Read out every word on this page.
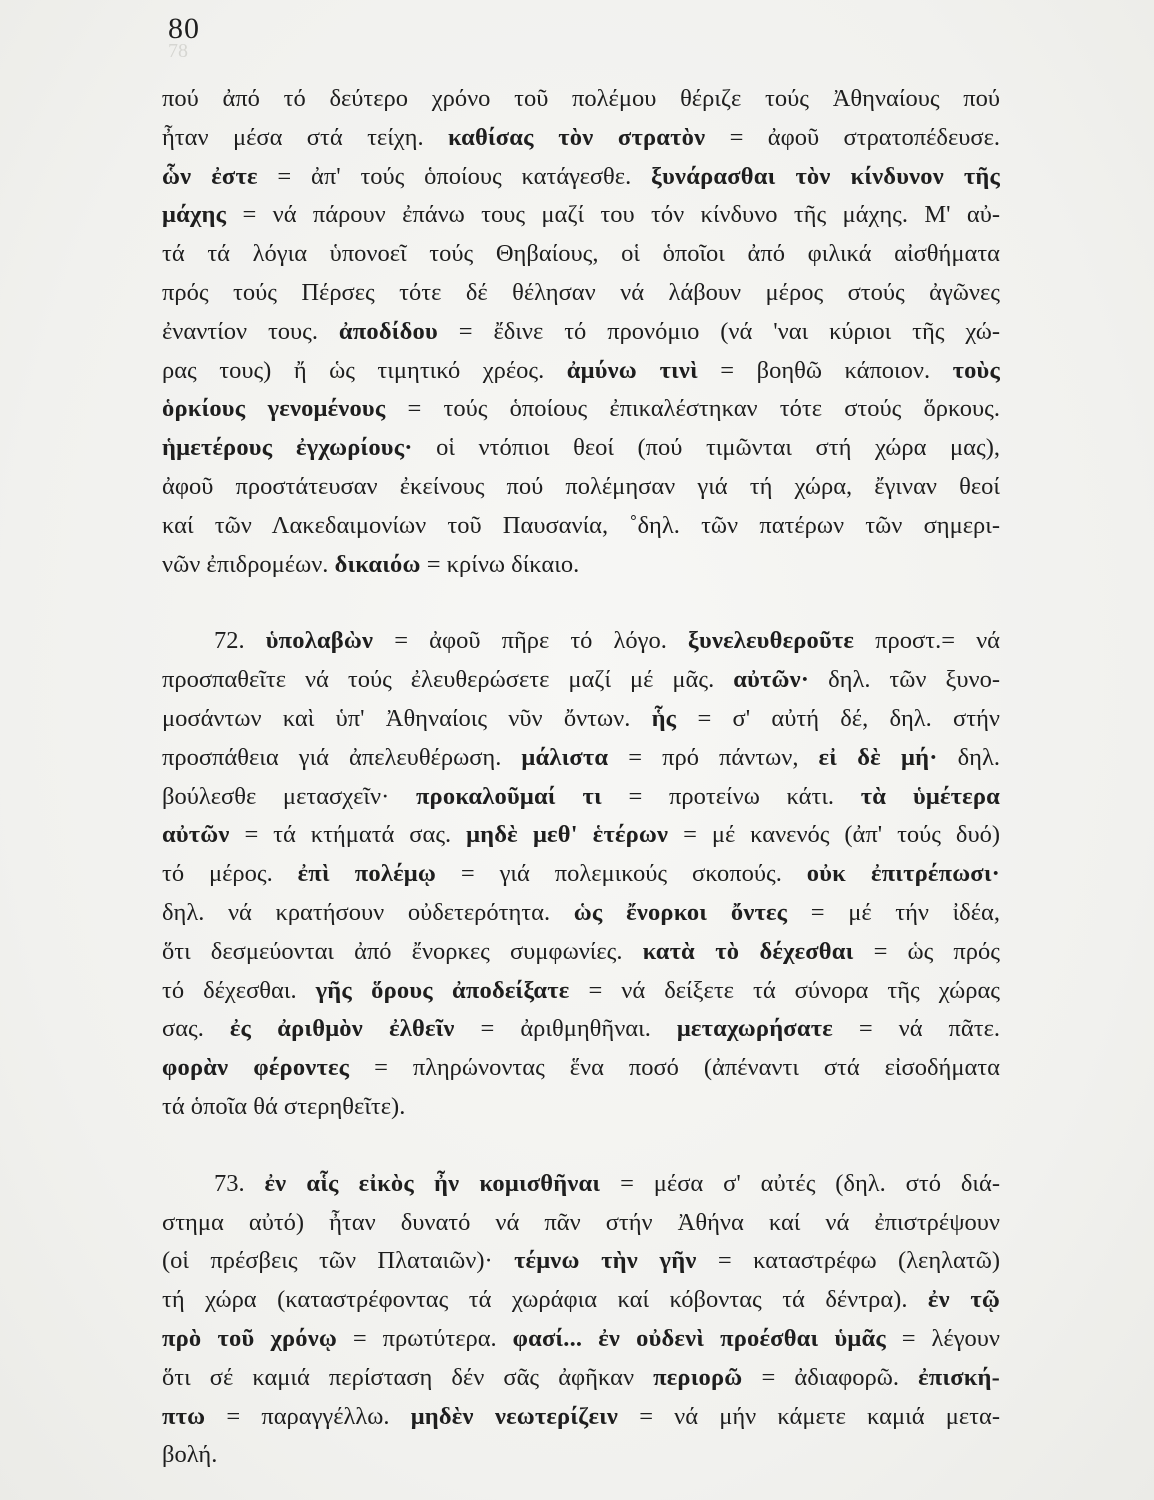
80
78
πού ἀπό τό δεύτερο χρόνο τοῦ πολέμου θέριζε τούς Ἀθηναίους πού
ἦταν μέσα στά τείχη. καθίσας τὸν στρατὸν = ἀφοῦ στρατοπέδευσε.
ὧν ἐστε = ἀπ' τούς ὁποίους κατάγεσθε. ξυνάρασθαι τὸν κίνδυνον τῆς
μάχης = νά πάρουν ἐπάνω τους μαζί του τόν κίνδυνο τῆς μάχης. Μ' αὐ-
τά τά λόγια ὑπονοεῖ τούς Θηβαίους, οἱ ὁποῖοι ἀπό φιλικά αἰσθήματα
πρός τούς Πέρσες τότε δέ θέλησαν νά λάβουν μέρος στούς ἀγῶνες
ἐναντίον τους. ἀποδίδου = ἔδινε τό προνόμιο (νά 'ναι κύριοι τῆς χώ-
ρας τους) ἤ ὡς τιμητικό χρέος. ἀμύνω τινὶ = βοηθῶ κάποιον. τοὺς
ὁρκίους γενομένους = τούς ὁποίους ἐπικαλέστηκαν τότε στούς ὅρκους.
ἡμετέρους ἐγχωρίους· οἱ ντόπιοι θεοί (πού τιμῶνται στή χώρα μας),
ἀφοῦ προστάτευσαν ἐκείνους πού πολέμησαν γιά τή χώρα, ἔγιναν θεοί
καί τῶν Λακεδαιμονίων τοῦ Παυσανία, ˚δηλ. τῶν πατέρων τῶν σημερι-
νῶν ἐπιδρομέων. δικαιόω = κρίνω δίκαιο.
72. ὑπολαβὼν = ἀφοῦ πῆρε τό λόγο. ξυνελευθεροῦτε προστ.= νά
προσπαθεῖτε νά τούς ἐλευθερώσετε μαζί μέ μᾶς. αὐτῶν· δηλ. τῶν ξυνο-
μοσάντων καὶ ὑπ' Ἀθηναίοις νῦν ὄντων. ἧς = σ' αὐτή δέ, δηλ. στήν
προσπάθεια γιά ἀπελευθέρωση. μάλιστα = πρό πάντων, εἰ δὲ μή· δηλ.
βούλεσθε μετασχεῖν· προκαλοῦμαί τι = προτείνω κάτι. τὰ ὑμέτερα
αὐτῶν = τά κτήματά σας. μηδὲ μεθ' ἑτέρων = μέ κανενός (ἀπ' τούς δυό)
τό μέρος. ἐπὶ πολέμῳ = γιά πολεμικούς σκοπούς. οὐκ ἐπιτρέπωσι·
δηλ. νά κρατήσουν οὐδετερότητα. ὡς ἔνορκοι ὄντες = μέ τήν ἰδέα,
ὅτι δεσμεύονται ἀπό ἔνορκες συμφωνίες. κατὰ τὸ δέχεσθαι = ὡς πρός
τό δέχεσθαι. γῆς ὅρους ἀποδείξατε = νά δείξετε τά σύνορα τῆς χώρας
σας. ἐς ἀριθμὸν ἐλθεῖν = ἀριθμηθῆναι. μεταχωρήσατε = νά πᾶτε.
φορὰν φέροντες = πληρώνοντας ἕνα ποσό (ἀπέναντι στά εἰσοδήματα
τά ὁποῖα θά στερηθεῖτε).
73. ἐν αἷς εἰκὸς ἦν κομισθῆναι = μέσα σ' αὐτές (δηλ. στό διά-
στημα αὐτό) ἦταν δυνατό νά πᾶν στήν Ἀθήνα καί νά ἐπιστρέψουν
(οἱ πρέσβεις τῶν Πλαταιῶν)· τέμνω τὴν γῆν = καταστρέφω (λεηλατῶ)
τή χώρα (καταστρέφοντας τά χωράφια καί κόβοντας τά δέντρα). ἐν τῷ
πρὸ τοῦ χρόνῳ = πρωτύτερα. φασί... ἐν οὐδενὶ προέσθαι ὑμᾶς = λέγουν
ὅτι σέ καμιά περίσταση δέν σᾶς ἀφῆκαν περιορῶ = ἀδιαφορῶ. ἐπισκή-
πτω = παραγγέλλω. μηδὲν νεωτερίζειν = νά μήν κάμετε καμιά μετα-
βολή.
